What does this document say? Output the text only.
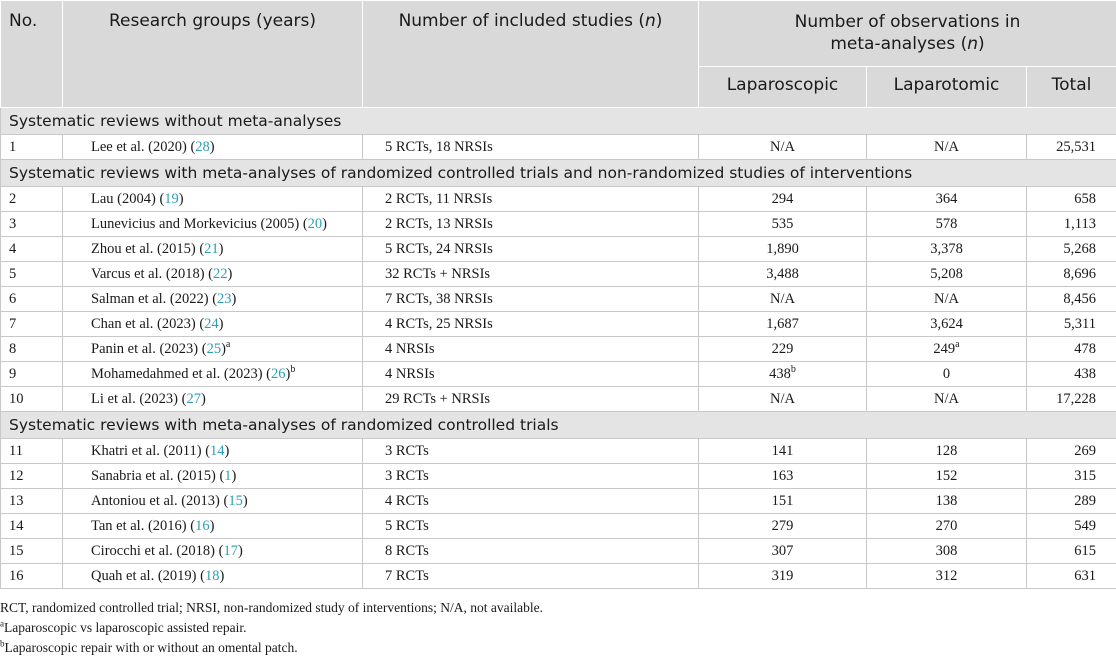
No.	Research groups (years)	Number of included studies (n)	Number of observations in
meta-analyses (n)		
			Laparoscopic	Laparotomic	Total
Systematic reviews without meta-analyses					
1	Lee et al. (2020) (28)	5 RCTs, 18 NRSIs	N/A	N/A	25,531
Systematic reviews with meta-analyses of randomized controlled trials and non-randomized studies of interventions					
2	Lau (2004) (19)	2 RCTs, 11 NRSIs	294	364	658
3	Lunevicius and Morkevicius (2005) (20)	2 RCTs, 13 NRSIs	535	578	1,113
4	Zhou et al. (2015) (21)	5 RCTs, 24 NRSIs	1,890	3,378	5,268
5	Varcus et al. (2018) (22)	32 RCTs + NRSIs	3,488	5,208	8,696
6	Salman et al. (2022) (23)	7 RCTs, 38 NRSIs	N/A	N/A	8,456
7	Chan et al. (2023) (24)	4 RCTs, 25 NRSIs	1,687	3,624	5,311
8	Panin et al. (2023) $(25)^a$	4 NRSIs	229	249$^a$	478
9	Mohamedahmed et al. (2023) $(26)^b$	4 NRSIs	438$^b$	0	438
10	Li et al. (2023) (27)	29 RCTs + NRSIs	N/A	N/A	17,228
Systematic reviews with meta-analyses of randomized controlled trials					
11	Khatri et al. (2011) (14)	3 RCTs	141	128	269
12	Sanabria et al. (2015) (1)	3 RCTs	163	152	315
13	Antoniou et al. (2013) (15)	4 RCTs	151	138	289
14	Tan et al. (2016) (16)	5 RCTs	279	270	549
15	Cirocchi et al. (2018) (17)	8 RCTs	307	308	615
16	Quah et al. (2019) (18)	7 RCTs	319	312	631
RCT, randomized controlled trial; NRSI, non-randomized study of interventions; N/A, not available.
$^a$Laparoscopic vs laparoscopic assisted repair.
$^b$Laparoscopic repair with or without an omental patch.
